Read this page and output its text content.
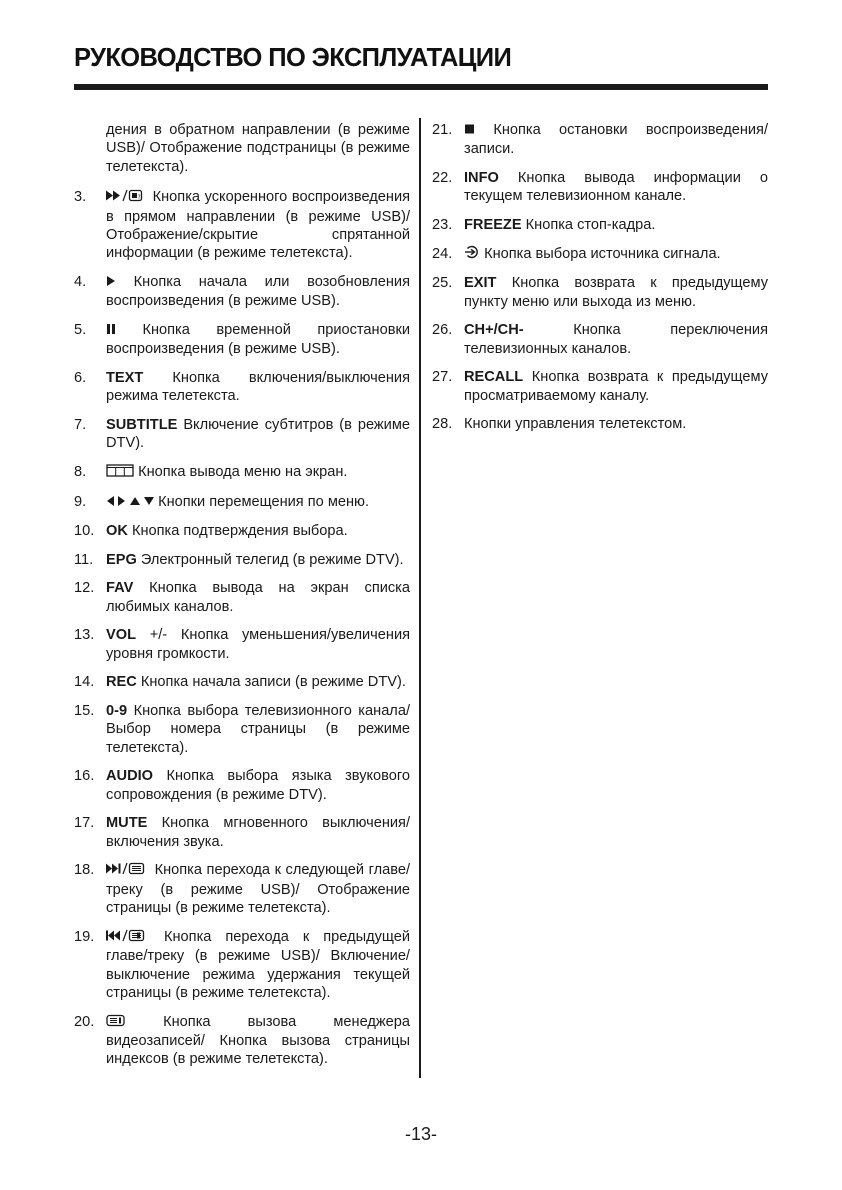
РУКОВОДСТВО ПО ЭКСПЛУАТАЦИИ
дения в обратном направлении (в режиме USB)/ Отображение подстраницы (в режиме телетекста).
3.	? Кнопка ускоренного воспроизведения в прямом направлении (в режиме USB)/ Отображение/скрытие спрятанной информации (в режиме телетекста).
4.	Кнопка начала или возобновления воспроизведения (в режиме USB).
5.	Кнопка временной приостановки воспроизведения (в режиме USB).
6. TEXT Кнопка включения/выключения режима телетекста.
7. SUBTITLE Включение субтитров (в режиме DTV).
8.	Кнопка вывода меню на экран.
9.	Кнопки перемещения по меню.
10. OK Кнопка подтверждения выбора.
11. EPG Электронный телегид (в режиме DTV).
12. FAV Кнопка вывода на экран списка любимых каналов.
13. VOL +/- Кнопка уменьшения/увеличения уровня громкости.
14. REC Кнопка начала записи (в режиме DTV).
15. 0-9 Кнопка выбора телевизионного канала/ Выбор номера страницы (в режиме телетекста).
16. AUDIO Кнопка выбора языка звукового сопровождения (в режиме DTV).
17. MUTE Кнопка мгновенного выключения/ включения звука.
18.	Кнопка перехода к следующей главе/треку (в режиме USB)/ Отображение страницы (в режиме телетекста).
19.	Кнопка перехода к предыдущей главе/треку (в режиме USB)/ Включение/ выключение режима удержания текущей страницы (в режиме телетекста).
20.	Кнопка вызова менеджера видеозаписей/ Кнопка вызова страницы индексов (в режиме телетекста).
21.	Кнопка остановки воспроизведения/ записи.
22. INFO Кнопка вывода информации о текущем телевизионном канале.
23. FREEZE Кнопка стоп-кадра.
24. Кнопка выбора источника сигнала.
25. EXIT Кнопка возврата к предыдущему пункту меню или выхода из меню.
26. CH+/CH-	Кнопка переключения телевизионных каналов.
27. RECALL Кнопка возврата к предыдущему просматриваемому каналу.
28. Кнопки управления телетекстом.
-13-
